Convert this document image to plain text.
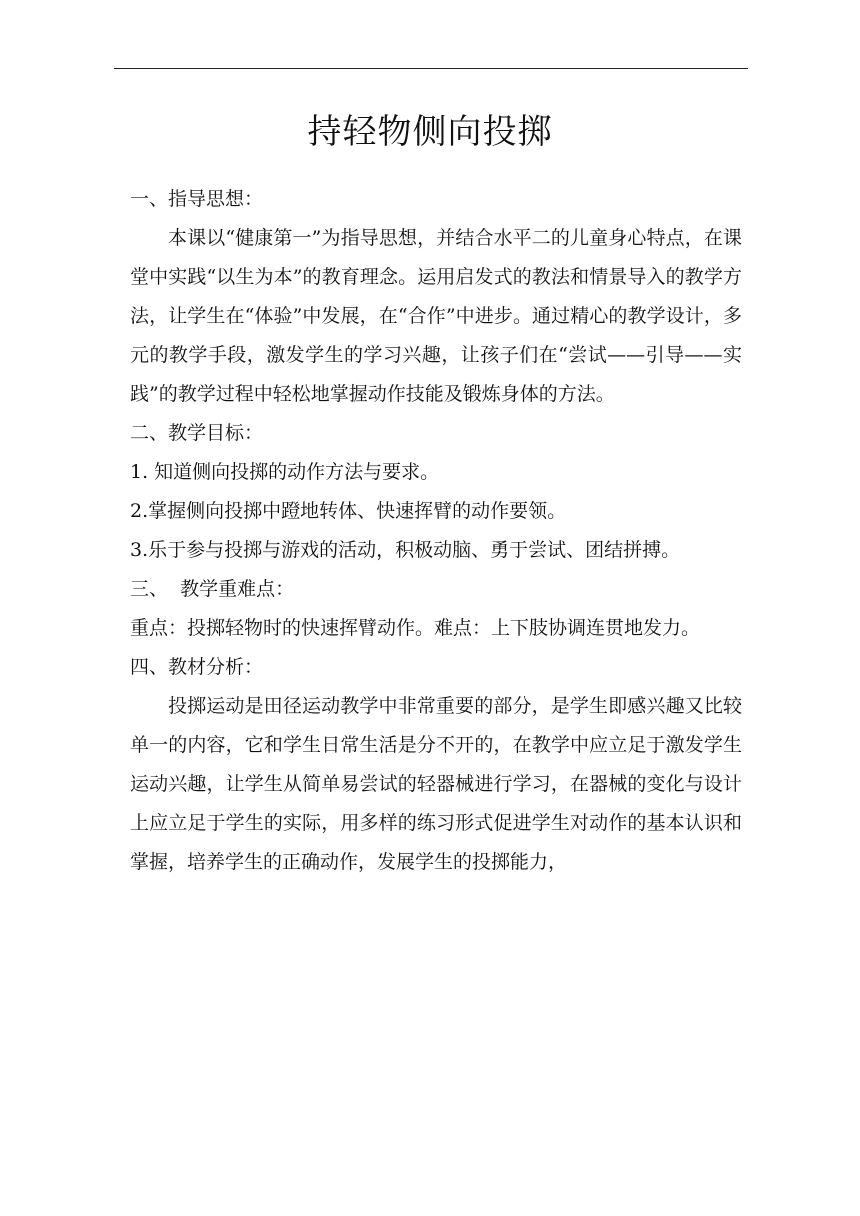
持轻物侧向投掷

一、指导思想：

本课以“健康第一”为指导思想，并结合水平二的儿童身心特点，在课堂中实践“以生为本”的教育理念。运用启发式的教法和情景导入的教学方法，让学生在“体验”中发展，在“合作”中进步。通过精心的教学设计，多元的教学手段，激发学生的学习兴趣，让孩子们在“尝试——引导——实践”的教学过程中轻松地掌握动作技能及锻炼身体的方法。

二、教学目标：

1. 知道侧向投掷的动作方法与要求。

2.掌握侧向投掷中蹬地转体、快速挥臂的动作要领。

3.乐于参与投掷与游戏的活动，积极动脑、勇于尝试、团结拼搏。

三、  教学重难点：

重点：投掷轻物时的快速挥臂动作。难点：上下肢协调连贯地发力。

四、教材分析：

投掷运动是田径运动教学中非常重要的部分，是学生即感兴趣又比较单一的内容，它和学生日常生活是分不开的，在教学中应立足于激发学生运动兴趣，让学生从简单易尝试的轻器械进行学习，在器械的变化与设计上应立足于学生的实际，用多样的练习形式促进学生对动作的基本认识和掌握，培养学生的正确动作，发展学生的投掷能力，
